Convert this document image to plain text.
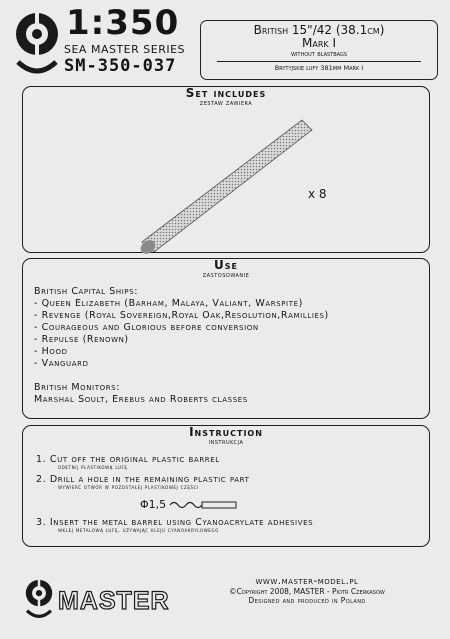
1:350
SEA MASTER SERIES
SM-350-037
British 15"/42 (38.1cm)
Mark I
without blastbags
Brytyjskie lufy 381mm Mark I
Set includes
zestaw zawiera
x 8
Use
zastosowanie
British Capital Ships:
- Queen Elizabeth (Barham, Malaya, Valiant, Warspite)
- Revenge (Royal Sovereign,Royal Oak,Resolution,Ramillies)
- Courageous and Glorious before conversion
- Repulse (Renown)
- Hood
- Vanguard
British Monitors:
Marshal Soult, Erebus and Roberts classes
Instruction
instrukcja
1. Cut off the original plastic barrel
odetnij plastikową lufę
2. Drill a hole in the remaining plastic part
wywierć otwór w pozostałej plastikowej części
3. Insert the metal barrel using Cyanoacrylate adhesives
wklej metalową lufę, używając kleju cyanoakrylowego
Φ1,5
MASTER
www.master-model.pl
©Copyright 2008, MASTER - Piotr Czerkasow
Designed and produced in Poland
